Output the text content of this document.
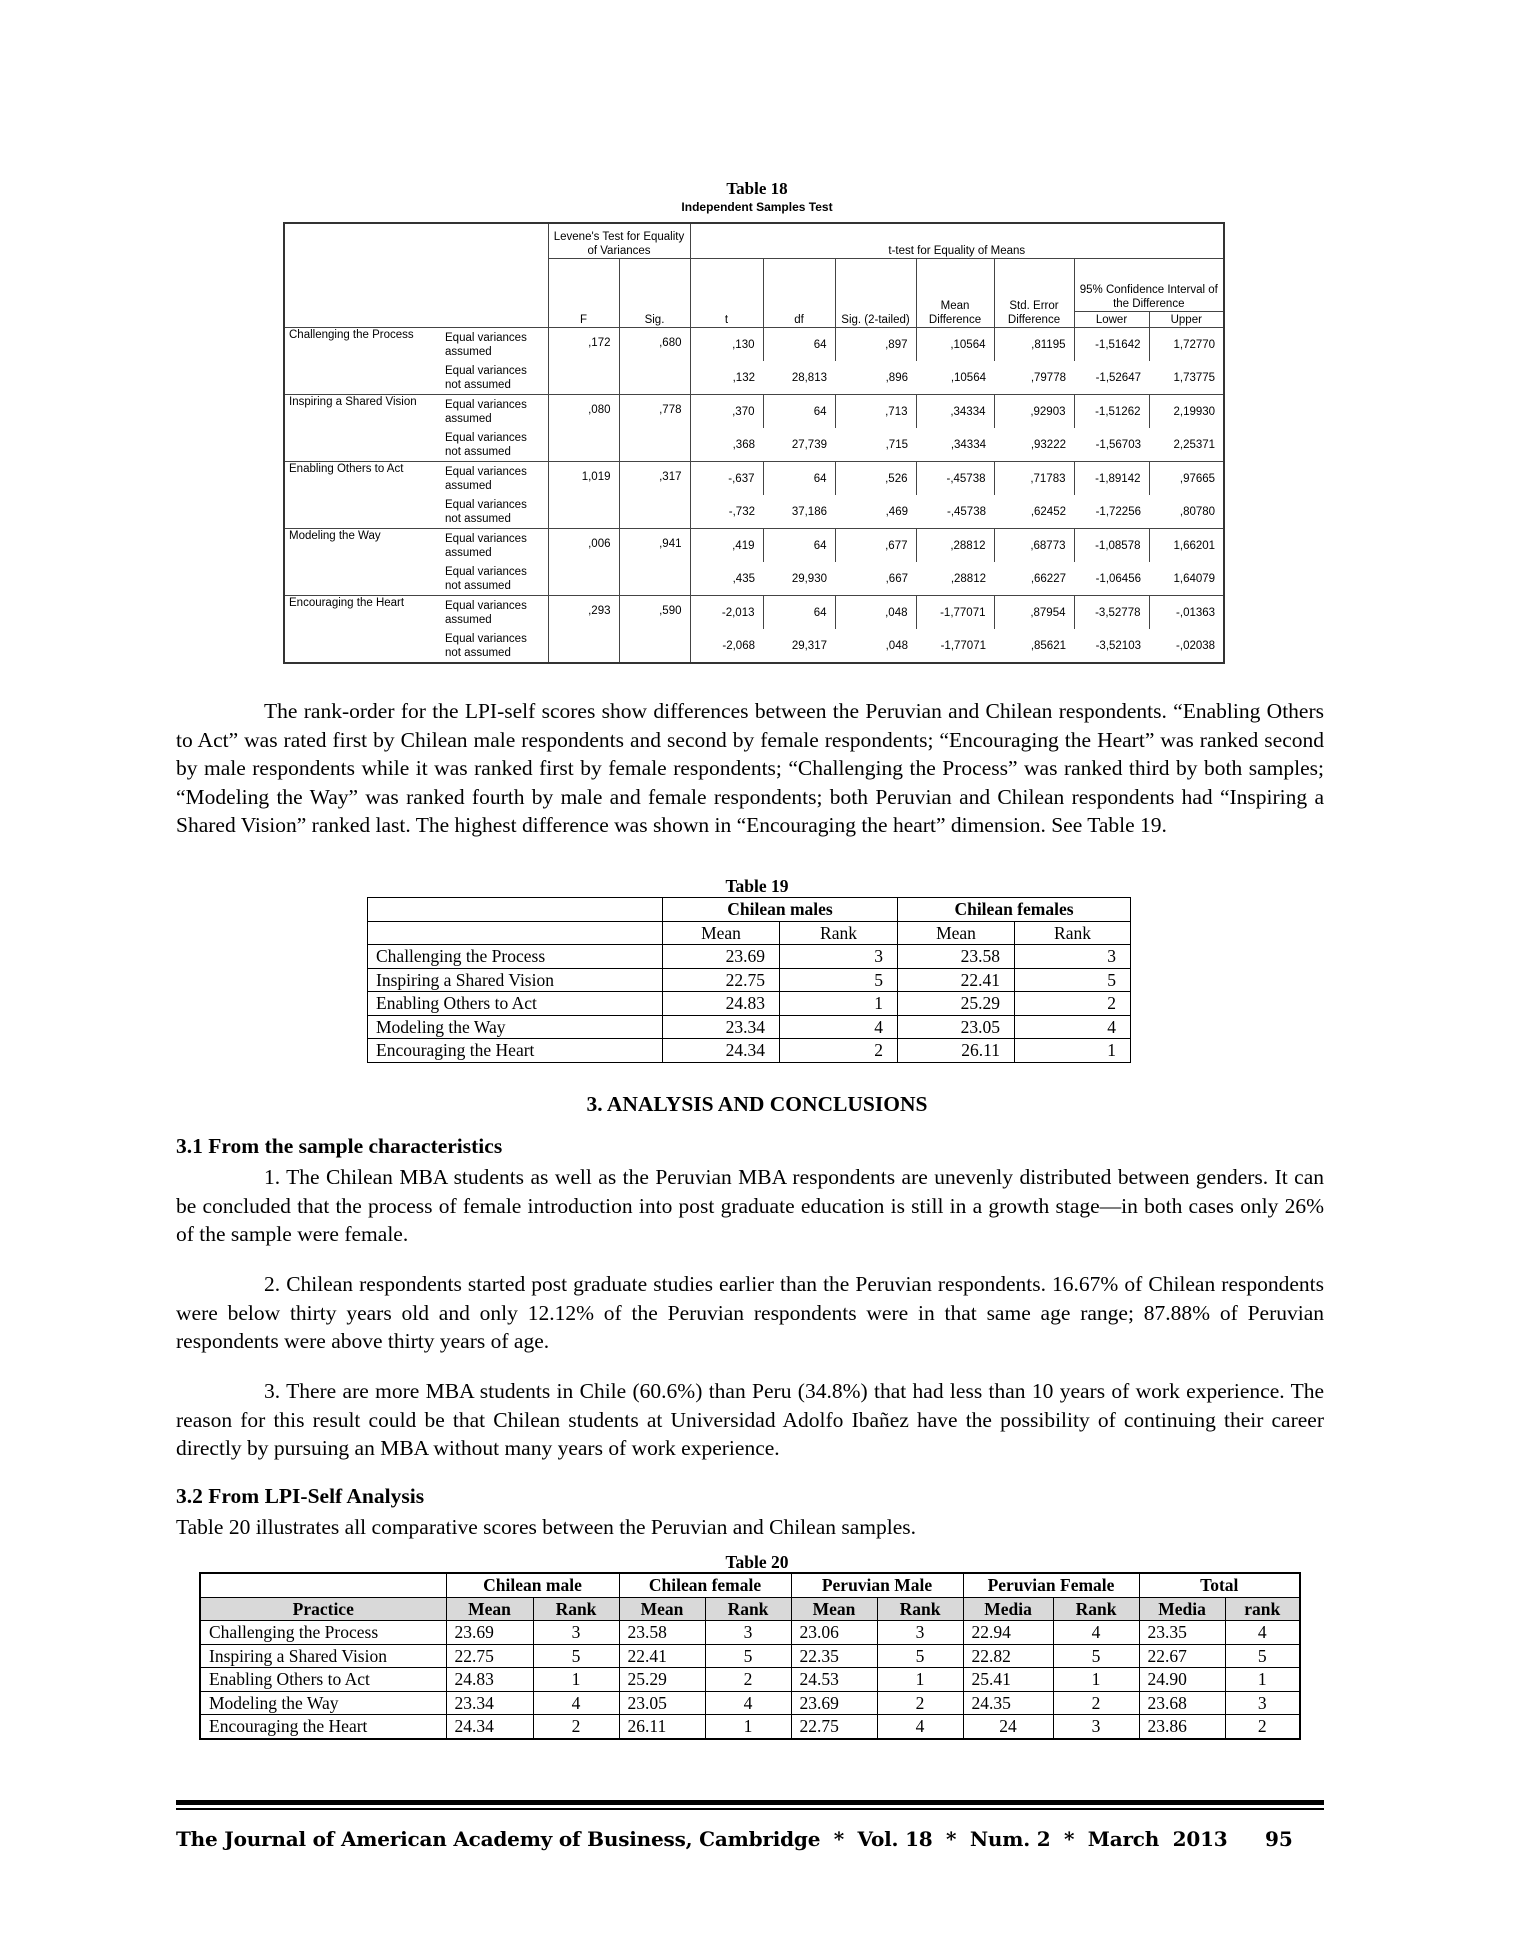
Table 18
Independent Samples Test
		Levene's Test for Equality of Variances		t-test for Equality of Means						
		F	Sig.	t	df	Sig. (2-tailed)	Mean Difference	Std. Error Difference	95% Confidence Interval of the Difference	
									Lower	Upper
Challenging the Process	Equal variances assumed	,172	,680	,130	64	,897	,10564	,81195	-1,51642	1,72770
	Equal variances not assumed			,132	28,813	,896	,10564	,79778	-1,52647	1,73775
Inspiring a Shared Vision	Equal variances assumed	,080	,778	,370	64	,713	,34334	,92903	-1,51262	2,19930
	Equal variances not assumed			,368	27,739	,715	,34334	,93222	-1,56703	2,25371
Enabling Others to Act	Equal variances assumed	1,019	,317	-,637	64	,526	-,45738	,71783	-1,89142	,97665
	Equal variances not assumed			-,732	37,186	,469	-,45738	,62452	-1,72256	,80780
Modeling the Way	Equal variances assumed	,006	,941	,419	64	,677	,28812	,68773	-1,08578	1,66201
	Equal variances not assumed			,435	29,930	,667	,28812	,66227	-1,06456	1,64079
Encouraging the Heart	Equal variances assumed	,293	,590	-2,013	64	,048	-1,77071	,87954	-3,52778	-,01363
	Equal variances not assumed			-2,068	29,317	,048	-1,77071	,85621	-3,52103	-,02038
The rank-order for the LPI-self scores show differences between the Peruvian and Chilean respondents. “Enabling Others to Act” was rated first by Chilean male respondents and second by female respondents; “Encouraging the Heart” was ranked second by male respondents while it was ranked first by female respondents; “Challenging the Process” was ranked third by both samples; “Modeling the Way” was ranked fourth by male and female respondents; both Peruvian and Chilean respondents had “Inspiring a Shared Vision” ranked last. The highest difference was shown in “Encouraging the heart” dimension. See Table 19.
Table 19
	Chilean males		Chilean females	
	Mean	Rank	Mean	Rank
Challenging the Process	23.69	3	23.58	3
Inspiring a Shared Vision	22.75	5	22.41	5
Enabling Others to Act	24.83	1	25.29	2
Modeling the Way	23.34	4	23.05	4
Encouraging the Heart	24.34	2	26.11	1
3. ANALYSIS AND CONCLUSIONS
3.1 From the sample characteristics
1. The Chilean MBA students as well as the Peruvian MBA respondents are unevenly distributed between genders. It can be concluded that the process of female introduction into post graduate education is still in a growth stage—in both cases only 26% of the sample were female.
2. Chilean respondents started post graduate studies earlier than the Peruvian respondents. 16.67% of Chilean respondents were below thirty years old and only 12.12% of the Peruvian respondents were in that same age range; 87.88% of Peruvian respondents were above thirty years of age.
3. There are more MBA students in Chile (60.6%) than Peru (34.8%) that had less than 10 years of work experience. The reason for this result could be that Chilean students at Universidad Adolfo Ibañez have the possibility of continuing their career directly by pursuing an MBA without many years of work experience.
3.2 From LPI-Self Analysis
Table 20 illustrates all comparative scores between the Peruvian and Chilean samples.
Table 20
	Chilean male		Chilean female		Peruvian Male		Peruvian Female		Total	
Practice	Mean	Rank	Mean	Rank	Mean	Rank	Media	Rank	Media	rank
Challenging the Process	23.69	3	23.58	3	23.06	3	22.94	4	23.35	4
Inspiring a Shared Vision	22.75	5	22.41	5	22.35	5	22.82	5	22.67	5
Enabling Others to Act	24.83	1	25.29	2	24.53	1	25.41	1	24.90	1
Modeling the Way	23.34	4	23.05	4	23.69	2	24.35	2	23.68	3
Encouraging the Heart	24.34	2	26.11	1	22.75	4	24	3	23.86	2
The Journal of American Academy of Business, Cambridge  *  Vol. 18  *  Num. 2  *  March  2013 95
